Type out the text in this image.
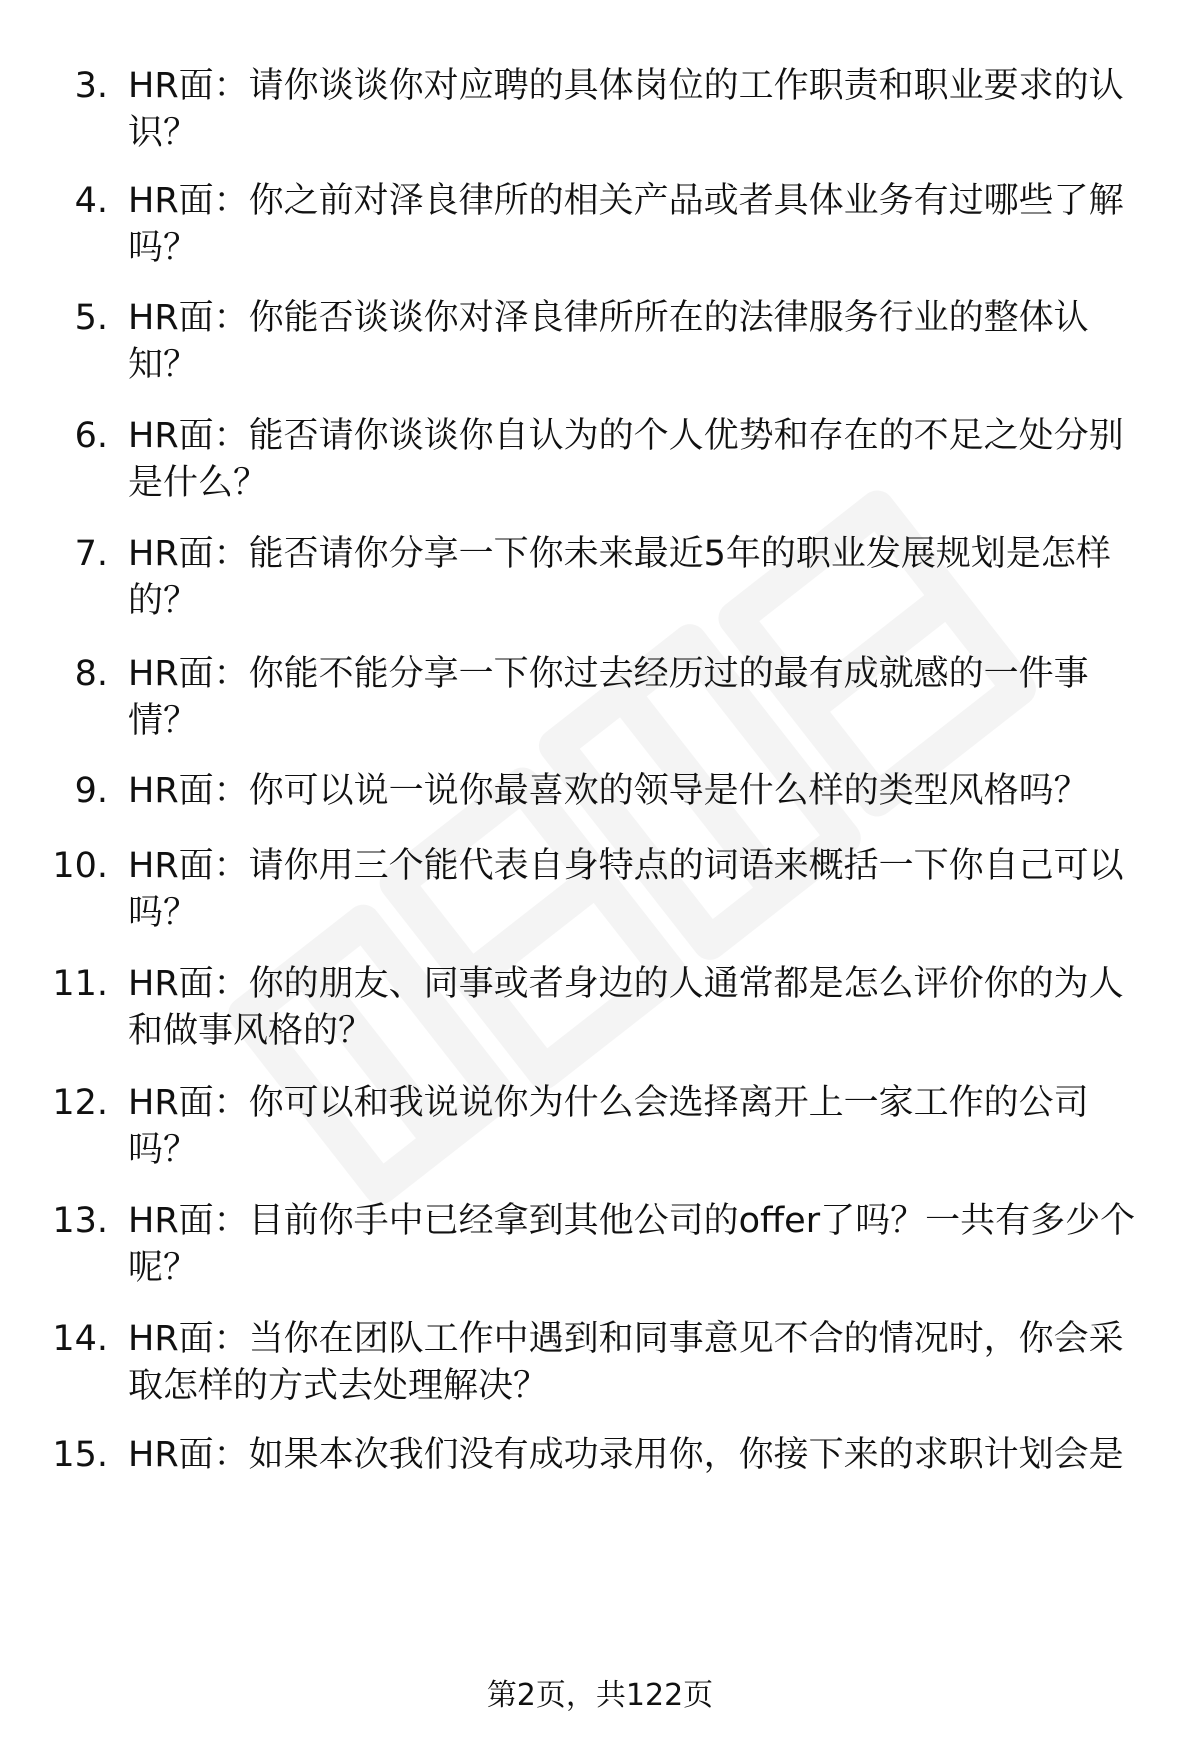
3. HR面：请你谈谈你对应聘的具体岗位的工作职责和职业要求的认识？
4. HR面：你之前对泽良律所的相关产品或者具体业务有过哪些了解吗？
5. HR面：你能否谈谈你对泽良律所所在的法律服务行业的整体认知？
6. HR面：能否请你谈谈你自认为的个人优势和存在的不足之处分别是什么？
7. HR面：能否请你分享一下你未来最近5年的职业发展规划是怎样的？
8. HR面：你能不能分享一下你过去经历过的最有成就感的一件事情？
9. HR面：你可以说一说你最喜欢的领导是什么样的类型风格吗？
10. HR面：请你用三个能代表自身特点的词语来概括一下你自己可以吗？
11. HR面：你的朋友、同事或者身边的人通常都是怎么评价你的为人和做事风格的？
12. HR面：你可以和我说说你为什么会选择离开上一家工作的公司吗？
13. HR面：目前你手中已经拿到其他公司的offer了吗？一共有多少个呢？
14. HR面：当你在团队工作中遇到和同事意见不合的情况时，你会采取怎样的方式去处理解决？
15. HR面：如果本次我们没有成功录用你，你接下来的求职计划会是
第2页，共122页
